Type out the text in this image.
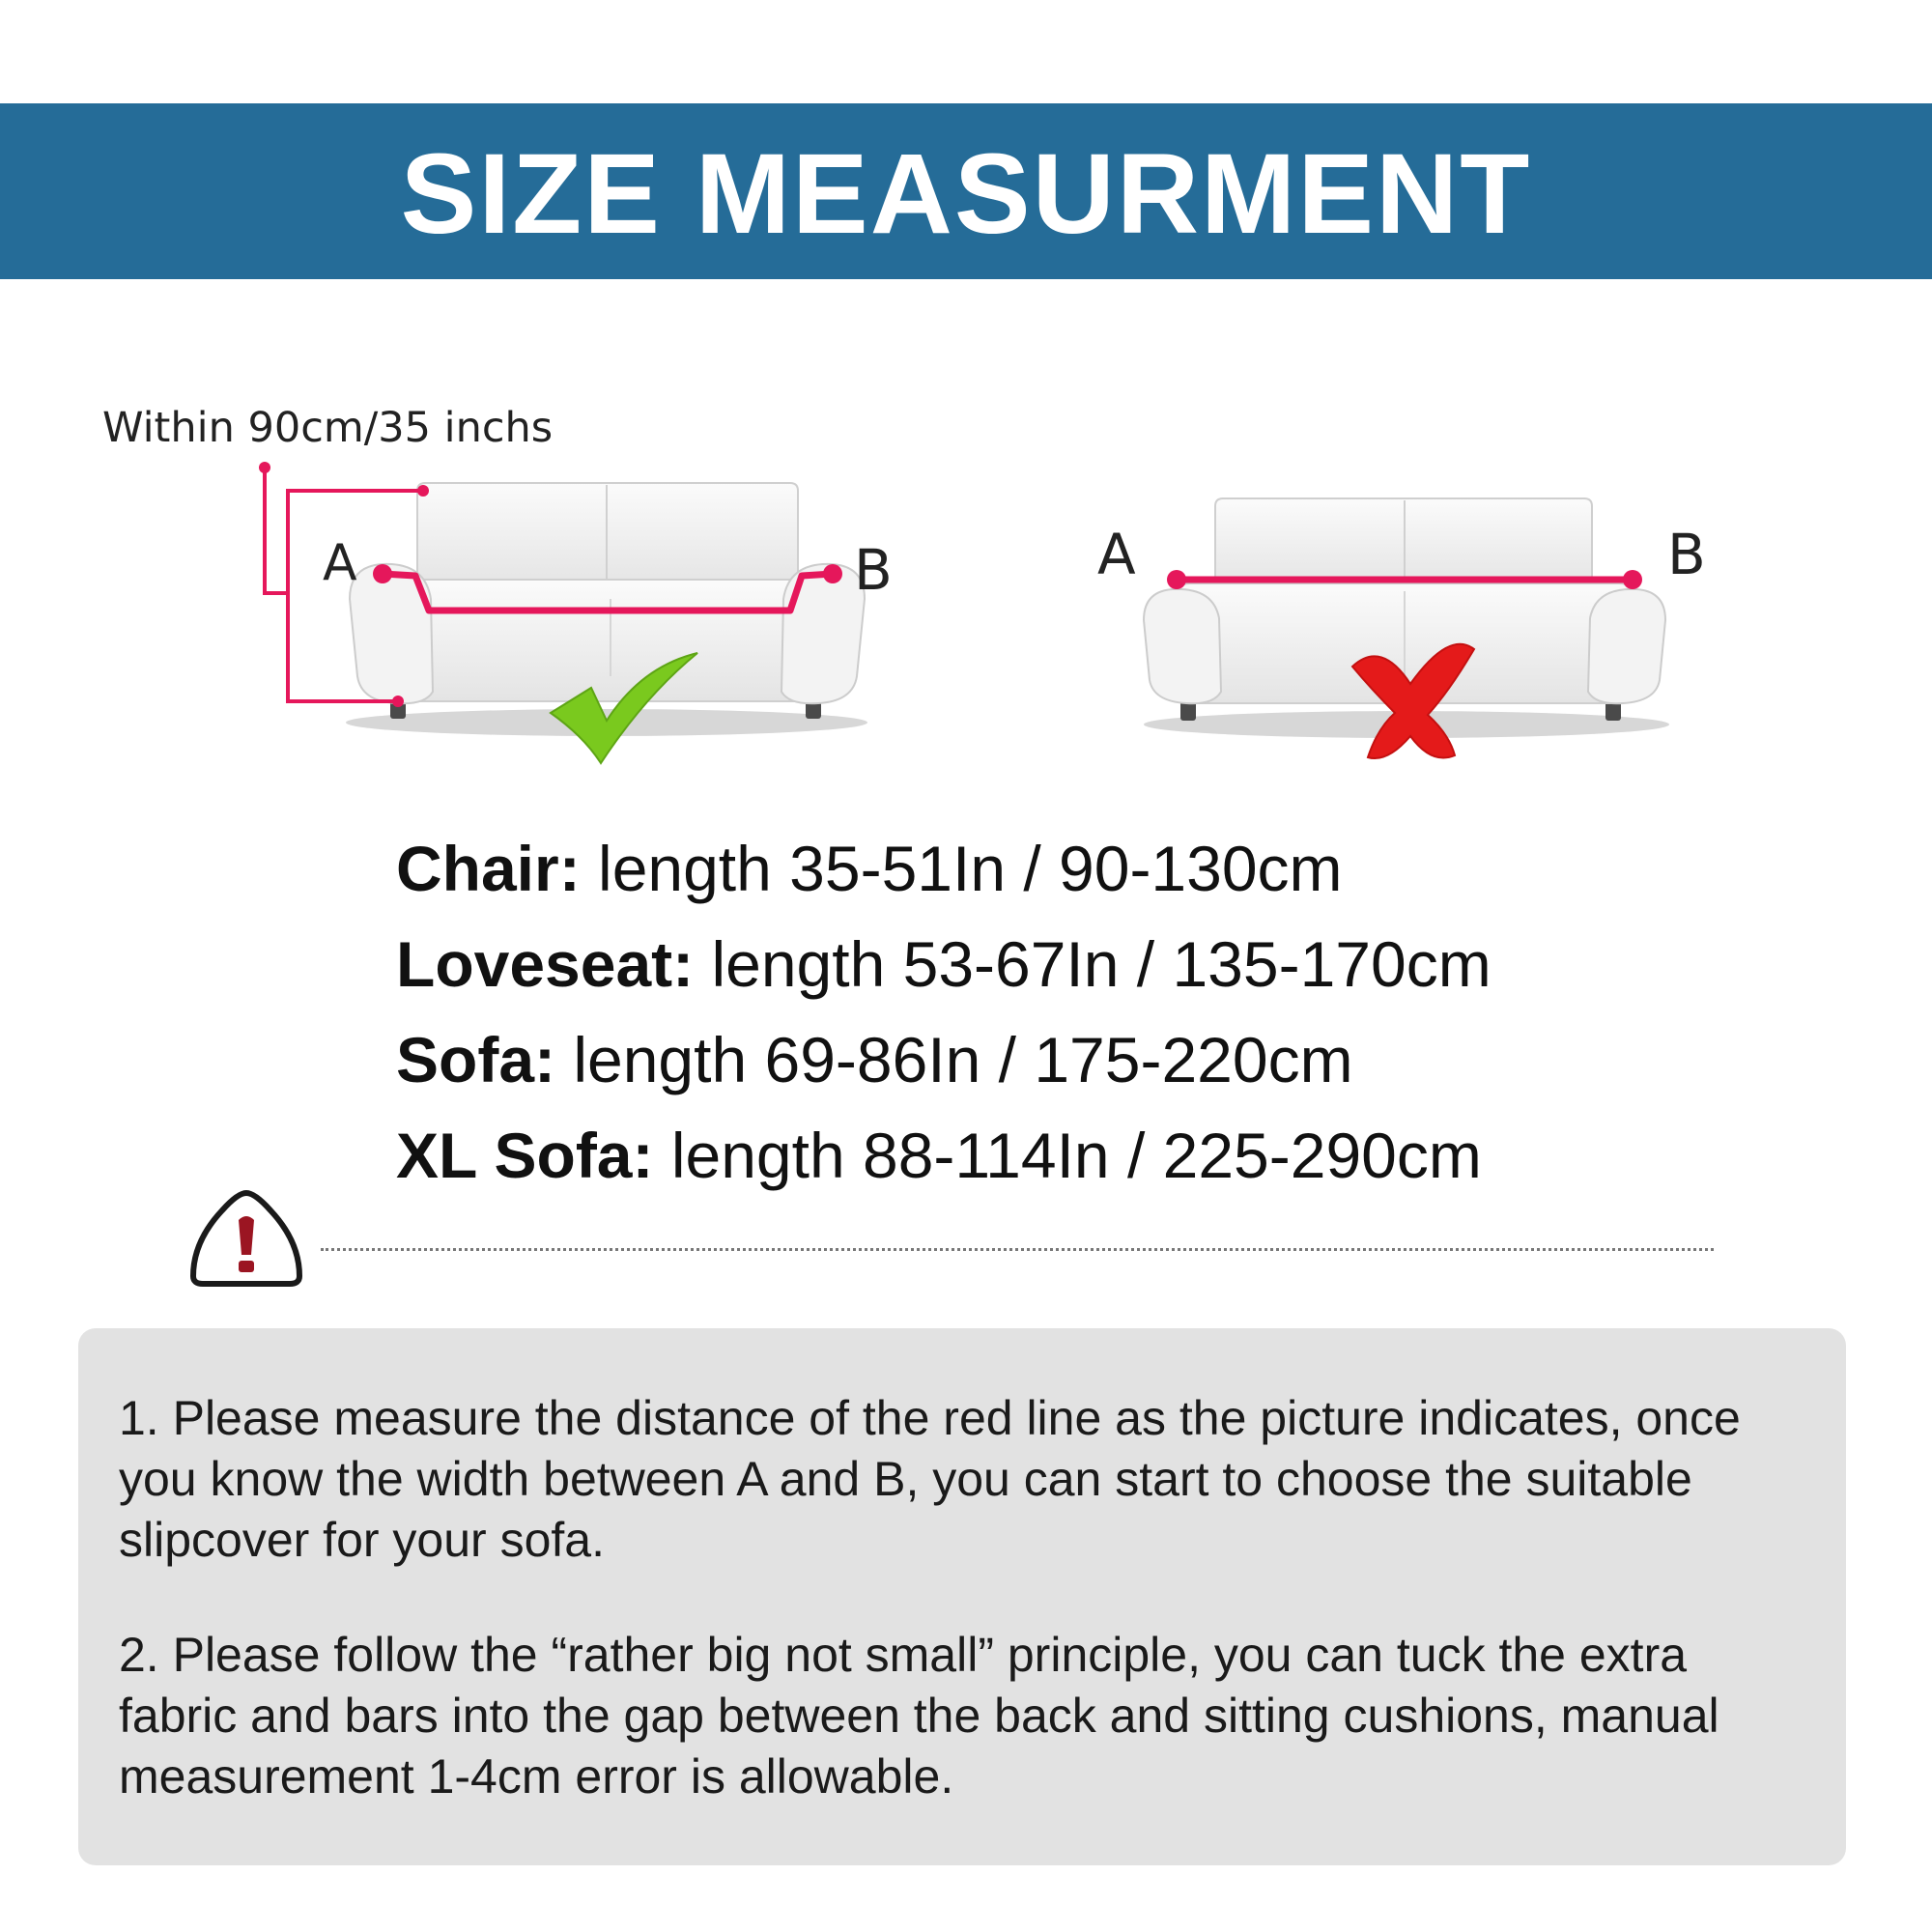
SIZE MEASURMENT
Within 90cm/35 inchs
A	B	A	B
Chair: length 35-51In / 90-130cm
Loveseat: length 53-67In / 135-170cm
Sofa: length 69-86In / 175-220cm
XL Sofa: length 88-114In / 225-290cm

1. Please measure the distance of the red line as the picture indicates, once you know the width between A and B, you can start to choose the suitable slipcover for your sofa.

2. Please follow the “rather big not small” principle, you can tuck the extra fabric and bars into the gap between the back and sitting cushions, manual measurement 1-4cm error is allowable.
